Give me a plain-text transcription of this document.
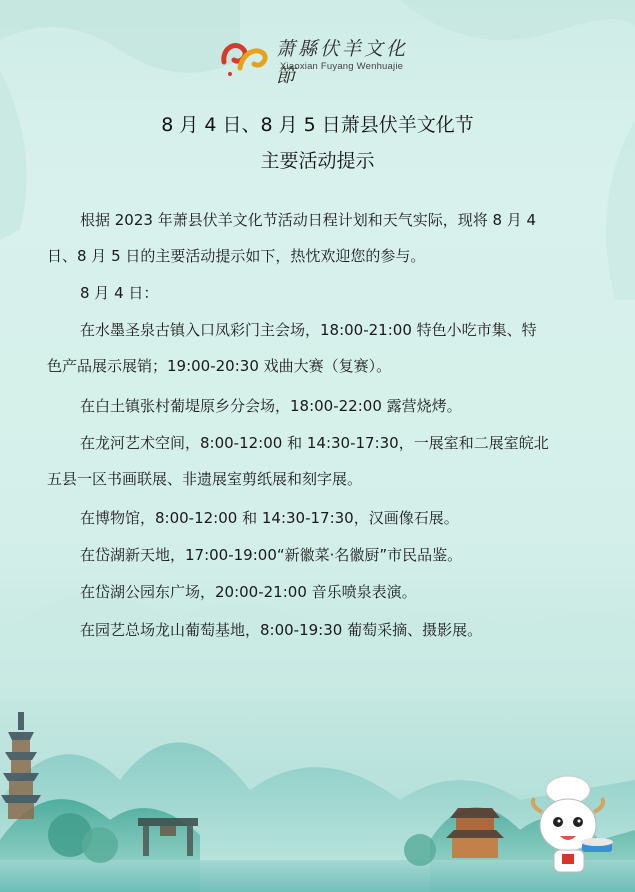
萧縣伏羊文化節
Xiaoxian Fuyang Wenhuajie
8 月 4 日、8 月 5 日萧县伏羊文化节
主要活动提示
根据 2023 年萧县伏羊文化节活动日程计划和天气实际，现将 8 月 4
日、8 月 5 日的主要活动提示如下，热忱欢迎您的参与。
8 月 4 日：
在水墨圣泉古镇入口凤彩门主会场，18:00-21:00 特色小吃市集、特
色产品展示展销；19:00-20:30 戏曲大赛（复赛）。
在白土镇张村葡堤原乡分会场，18:00-22:00 露营烧烤。
在龙河艺术空间，8:00-12:00 和 14:30-17:30，一展室和二展室皖北
五县一区书画联展、非遗展室剪纸展和刻字展。
在博物馆，8:00-12:00 和 14:30-17:30，汉画像石展。
在岱湖新天地，17:00-19:00“新徽菜·名徽厨”市民品鉴。
在岱湖公园东广场，20:00-21:00 音乐喷泉表演。
在园艺总场龙山葡萄基地，8:00-19:30 葡萄采摘、摄影展。
